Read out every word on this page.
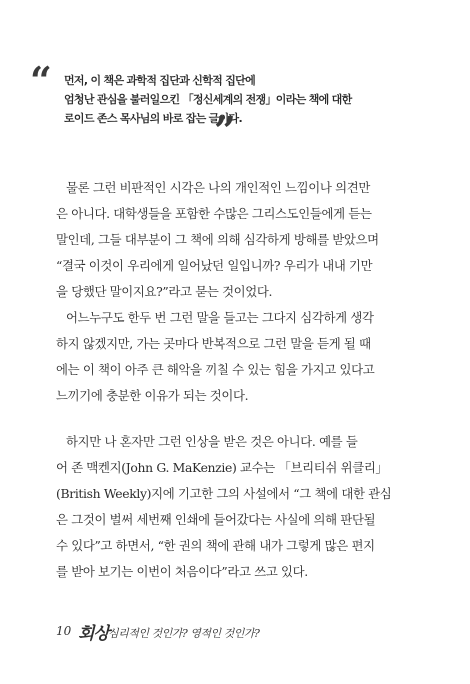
“ 먼저, 이 책은 과학적 집단과 신학적 집단에
엄청난 관심을 불러일으킨 「정신세계의 전쟁」이라는 책에 대한
로이드 존스 목사님의 바로 잡는 글이다.
”
물론 그런 비판적인 시각은 나의 개인적인 느낌이나 의견만
은 아니다. 대학생들을 포함한 수많은 그리스도인들에게 듣는
말인데, 그들 대부분이 그 책에 의해 심각하게 방해를 받았으며
“결국 이것이 우리에게 일어났던 일입니까? 우리가 내내 기만
을 당했단 말이지요?”라고 묻는 것이었다.
어느누구도 한두 번 그런 말을 들고는 그다지 심각하게 생각
하지 않겠지만, 가는 곳마다 반복적으로 그런 말을 듣게 될 때
에는 이 책이 아주 큰 해악을 끼칠 수 있는 힘을 가지고 있다고
느끼기에 충분한 이유가 되는 것이다.
하지만 나 혼자만 그런 인상을 받은 것은 아니다. 예를 들
어 존 맥켄지(John G. MaKenzie) 교수는 「브리티쉬 위클리」
(British Weekly)지에 기고한 그의 사설에서 “그 책에 대한 관심
은 그것이 벌써 세번째 인쇄에 들어갔다는 사실에 의해 판단될
수 있다”고 하면서, “한 권의 책에 관해 내가 그렇게 많은 편지
를 받아 보기는 이번이 처음이다”라고 쓰고 있다.
10 회상 심리적인 것인가? 영적인 것인가?
